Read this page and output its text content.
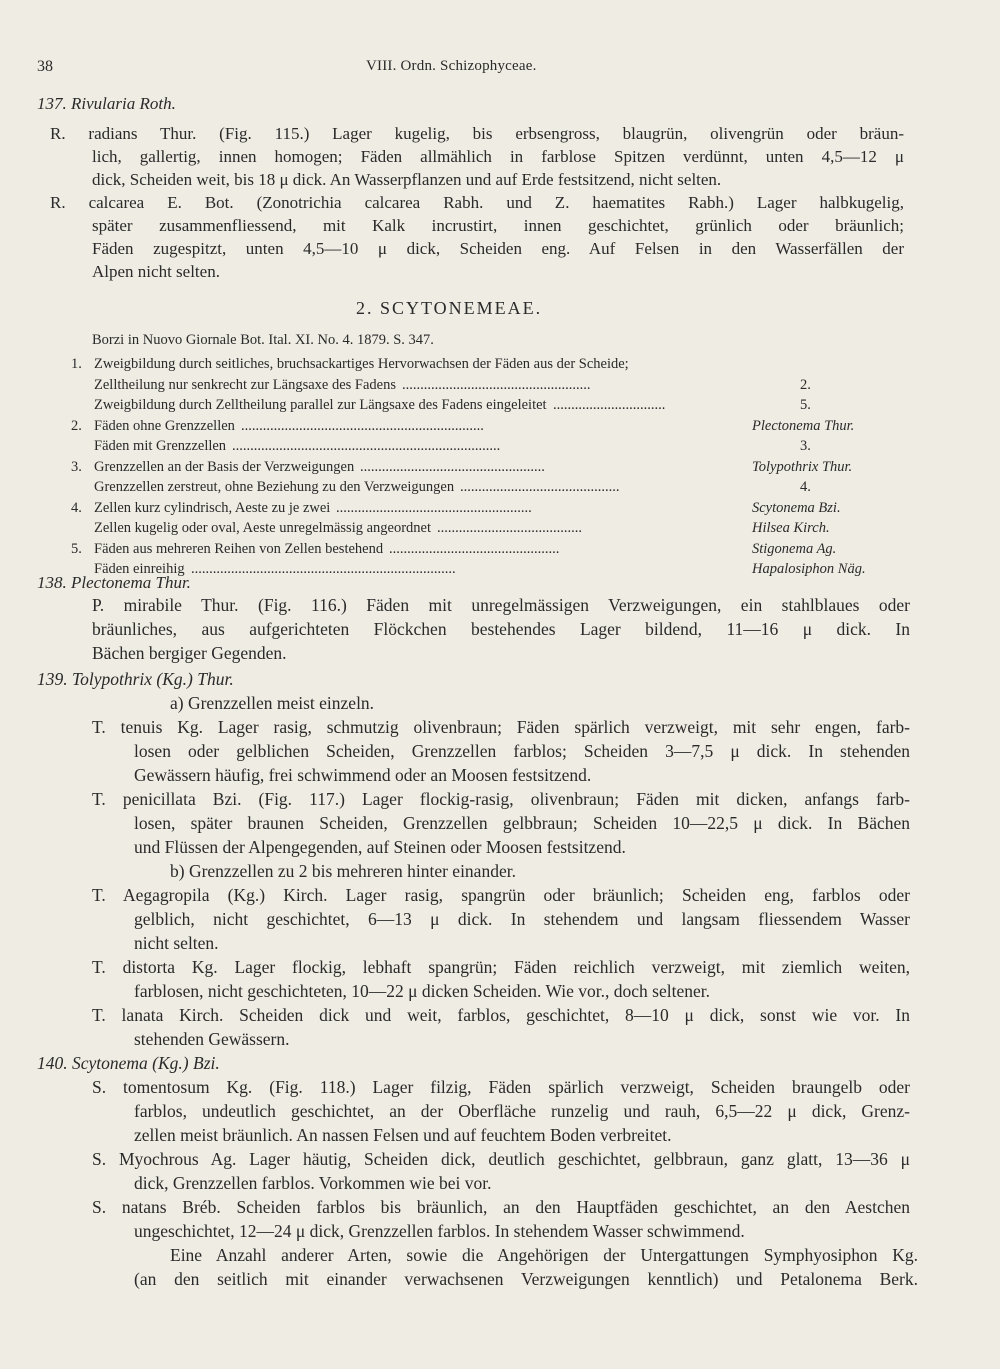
38	VIII. Ordn. Schizophyceae.
137. Rivularia Roth.
R. radians Thur. (Fig. 115.) Lager kugelig, bis erbsengross, blaugrün, olivengrün oder bräun-
lich, gallertig, innen homogen; Fäden allmählich in farblose Spitzen verdünnt, unten 4,5—12 μ
dick, Scheiden weit, bis 18 μ dick. An Wasserpflanzen und auf Erde festsitzend, nicht selten.
R. calcarea E. Bot. (Zonotrichia calcarea Rabh. und Z. haematites Rabh.) Lager halbkugelig,
später zusammenfliessend, mit Kalk incrustirt, innen geschichtet, grünlich oder bräunlich;
Fäden zugespitzt, unten 4,5—10 μ dick, Scheiden eng. Auf Felsen in den Wasserfällen der
Alpen nicht selten.
2. SCYTONEMEAE.
Borzi in Nuovo Giornale Bot. Ital. XI. No. 4. 1879. S. 347.
1. Zweigbildung durch seitliches, bruchsackartiges Hervorwachsen der Fäden aus der Scheide;
Zelltheilung nur senkrecht zur Längsaxe des Fadens ....................................................	2.
Zweigbildung durch Zelltheilung parallel zur Längsaxe des Fadens eingeleitet ...............................	5.
2. Fäden ohne Grenzzellen ...................................................................	Plectonema Thur.
Fäden mit Grenzzellen ..........................................................................	3.
3. Grenzzellen an der Basis der Verzweigungen ...................................................	Tolypothrix Thur.
Grenzzellen zerstreut, ohne Beziehung zu den Verzweigungen ............................................	4.
4. Zellen kurz cylindrisch, Aeste zu je zwei ......................................................	Scytonema Bzi.
Zellen kugelig oder oval, Aeste unregelmässig angeordnet ........................................	Hilsea Kirch.
5. Fäden aus mehreren Reihen von Zellen bestehend ...............................................	Stigonema Ag.
Fäden einreihig .........................................................................	Hapalosiphon Näg.
138. Plectonema Thur.
P. mirabile Thur. (Fig. 116.) Fäden mit unregelmässigen Verzweigungen, ein stahlblaues oder
bräunliches, aus aufgerichteten Flöckchen bestehendes Lager bildend, 11—16 μ dick. In
Bächen bergiger Gegenden.
139. Tolypothrix (Kg.) Thur.
a) Grenzzellen meist einzeln.
T. tenuis Kg. Lager rasig, schmutzig olivenbraun; Fäden spärlich verzweigt, mit sehr engen, farb-
losen oder gelblichen Scheiden, Grenzzellen farblos; Scheiden 3—7,5 μ dick. In stehenden
Gewässern häufig, frei schwimmend oder an Moosen festsitzend.
T. penicillata Bzi. (Fig. 117.) Lager flockig-rasig, olivenbraun; Fäden mit dicken, anfangs farb-
losen, später braunen Scheiden, Grenzzellen gelbbraun; Scheiden 10—22,5 μ dick. In Bächen
und Flüssen der Alpengegenden, auf Steinen oder Moosen festsitzend.
b) Grenzzellen zu 2 bis mehreren hinter einander.
T. Aegagropila (Kg.) Kirch. Lager rasig, spangrün oder bräunlich; Scheiden eng, farblos oder
gelblich, nicht geschichtet, 6—13 μ dick. In stehendem und langsam fliessendem Wasser
nicht selten.
T. distorta Kg. Lager flockig, lebhaft spangrün; Fäden reichlich verzweigt, mit ziemlich weiten,
farblosen, nicht geschichteten, 10—22 μ dicken Scheiden. Wie vor., doch seltener.
T. lanata Kirch. Scheiden dick und weit, farblos, geschichtet, 8—10 μ dick, sonst wie vor. In
stehenden Gewässern.
140. Scytonema (Kg.) Bzi.
S. tomentosum Kg. (Fig. 118.) Lager filzig, Fäden spärlich verzweigt, Scheiden braungelb oder
farblos, undeutlich geschichtet, an der Oberfläche runzelig und rauh, 6,5—22 μ dick, Grenz-
zellen meist bräunlich. An nassen Felsen und auf feuchtem Boden verbreitet.
S. Myochrous Ag. Lager häutig, Scheiden dick, deutlich geschichtet, gelbbraun, ganz glatt, 13—36 μ
dick, Grenzzellen farblos. Vorkommen wie bei vor.
S. natans Bréb. Scheiden farblos bis bräunlich, an den Hauptfäden geschichtet, an den Aestchen
ungeschichtet, 12—24 μ dick, Grenzzellen farblos. In stehendem Wasser schwimmend.
Eine Anzahl anderer Arten, sowie die Angehörigen der Untergattungen Symphyosiphon Kg.
(an den seitlich mit einander verwachsenen Verzweigungen kenntlich) und Petalonema Berk.
